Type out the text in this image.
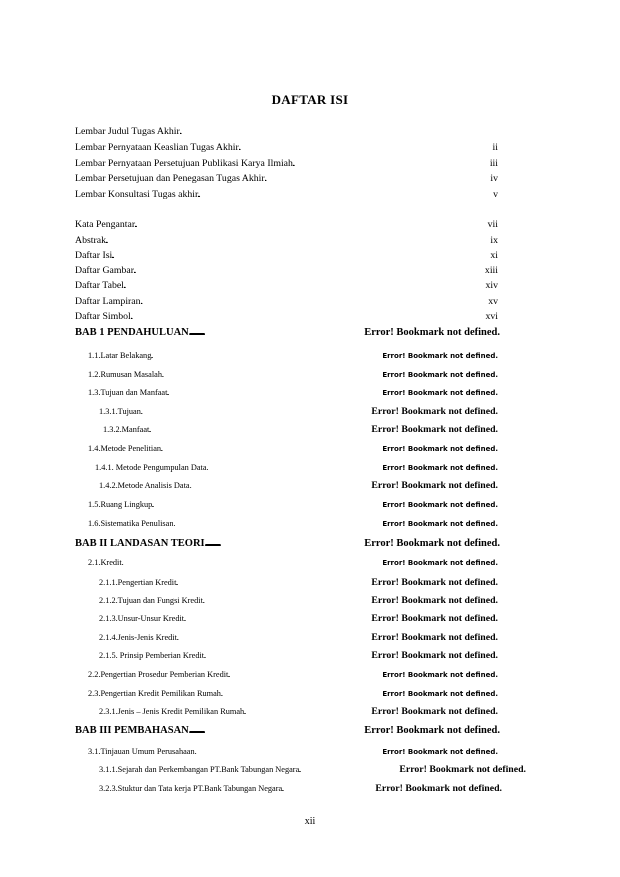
DAFTAR ISI
Lembar Judul Tugas Akhir
. . .
Lembar Pernyataan Keaslian Tugas Akhir . . .	ii
Lembar Pernyataan Persetujuan Publikasi Karya Ilmiah . . .	iii
Lembar Persetujuan dan Penegasan Tugas Akhir . . .	iv
Lembar Konsultasi Tugas akhir . . .	v
Kata Pengantar . . .	vii
Abstrak . . .	ix
Daftar Isi . . .	xi
Daftar Gambar . . .	xiii
Daftar Tabel . . .	xiv
Daftar Lampiran . . .	xv
Daftar Simbol . . .	xvi
BAB 1 PENDAHULUAN . . .	Error! Bookmark not defined.
1.1.Latar Belakang . . .	Error! Bookmark not defined.
1.2.Rumusan Masalah . . .	Error! Bookmark not defined.
1.3.Tujuan dan Manfaat . . .	Error! Bookmark not defined.
1.3.1.Tujuan . . .	Error! Bookmark not defined.
1.3.2.Manfaat . . .	Error! Bookmark not defined.
1.4.Metode Penelitian . . .	Error! Bookmark not defined.
1.4.1. Metode Pengumpulan Data . . .	Error! Bookmark not defined.
1.4.2.Metode Analisis Data . . .	Error! Bookmark not defined.
1.5.Ruang Lingkup . . .	Error! Bookmark not defined.
1.6.Sistematika Penulisan . . .	Error! Bookmark not defined.
BAB II LANDASAN TEORI . . .	Error! Bookmark not defined.
2.1.Kredit . . .	Error! Bookmark not defined.
2.1.1.Pengertian Kredit . . .	Error! Bookmark not defined.
2.1.2.Tujuan dan Fungsi Kredit . . .	Error! Bookmark not defined.
2.1.3.Unsur-Unsur Kredit . . .	Error! Bookmark not defined.
2.1.4.Jenis-Jenis Kredit . . .	Error! Bookmark not defined.
2.1.5. Prinsip Pemberian Kredit . . .	Error! Bookmark not defined.
2.2.Pengertian Prosedur Pemberian Kredit . . .	Error! Bookmark not defined.
2.3.Pengertian Kredit Pemilikan Rumah . . .	Error! Bookmark not defined.
2.3.1.Jenis – Jenis Kredit Pemilikan Rumah . . .	Error! Bookmark not defined.
BAB III PEMBAHASAN . . .	Error! Bookmark not defined.
3.1.Tinjauan Umum Perusahaan . . .	Error! Bookmark not defined.
3.1.1.Sejarah dan Perkembangan PT.Bank Tabungan Negara . . .	Error! Bookmark not defined.
3.2.3.Stuktur dan Tata kerja PT.Bank Tabungan Negara . . .	Error! Bookmark not defined.
xii
